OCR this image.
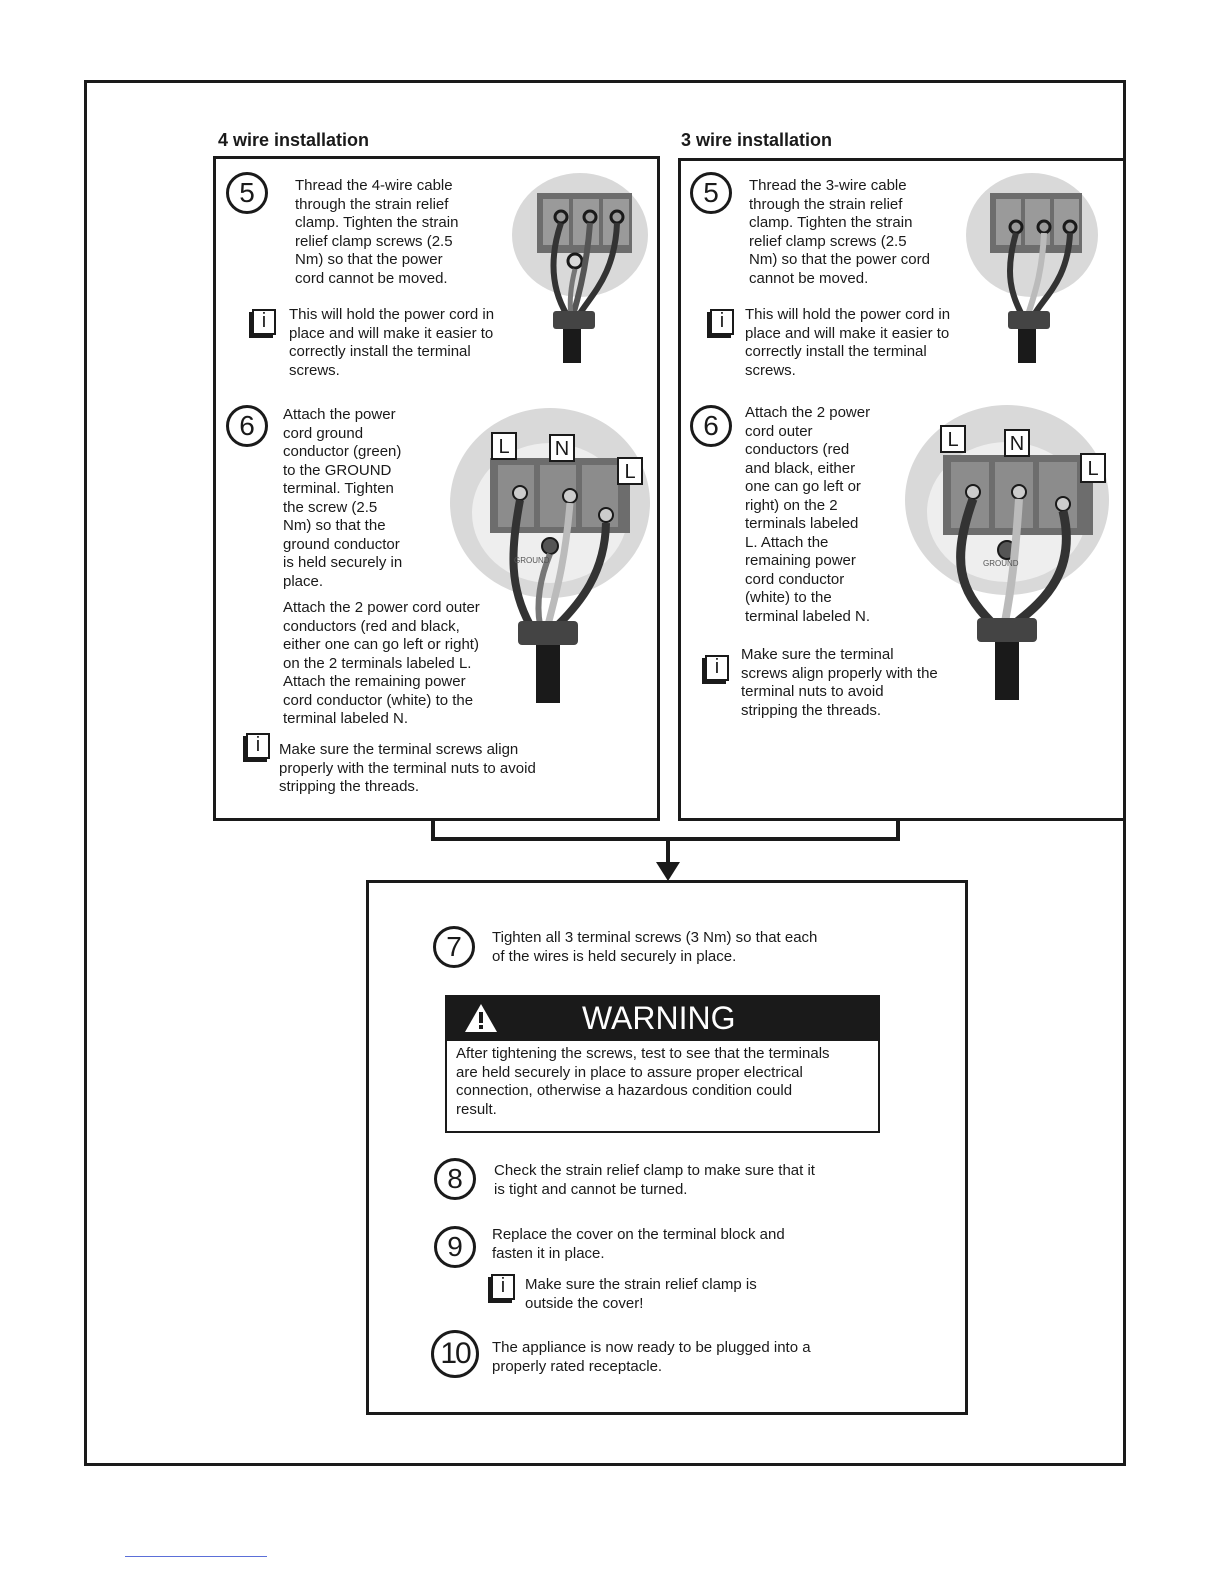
4 wire installation	3 wire installation
5	Thread the 4-wire cable
through the strain relief
clamp. Tighten the strain
relief clamp screws (2.5
Nm) so that the power
cord cannot be moved.
i	This will hold the power cord in
place and will make it easier to
correctly install the terminal
screws.
6	Attach the power
cord ground
conductor (green)
to the GROUND
terminal. Tighten
the screw (2.5
Nm) so that the
ground conductor
is held securely in
place.
L N
L
GROUND
Attach the 2 power cord outer
conductors (red and black,
either one can go left or right)
on the 2 terminals labeled L.
Attach the remaining power
cord conductor (white) to the
terminal labeled N.
i	Make sure the terminal screws align
properly with the terminal nuts to avoid
stripping the threads.
5	Thread the 3-wire cable
through the strain relief
clamp. Tighten the strain
relief clamp screws (2.5
Nm) so that the power cord
cannot be moved.
i	This will hold the power cord in
place and will make it easier to
correctly install the terminal
screws.
6	Attach the 2 power
cord outer
conductors (red
and black, either
one can go left or
right) on the 2
terminals labeled
L. Attach the
remaining power
cord conductor
(white) to the
terminal labeled N.
L	N
L
GROUND
i
Make sure the terminal
screws align properly with the
terminal nuts to avoid
stripping the threads.
7	Tighten all 3 terminal screws (3 Nm) so that each
of the wires is held securely in place.
WARNING
After tightening the screws, test to see that the terminals
are held securely in place to assure proper electrical
connection, otherwise a hazardous condition could
result.
8	Check the strain relief clamp to make sure that it
is tight and cannot be turned.
9	Replace the cover on the terminal block and
fasten it in place.
i	Make sure the strain relief clamp is
outside the cover!
10	The appliance is now ready to be plugged into a
properly rated receptacle.
